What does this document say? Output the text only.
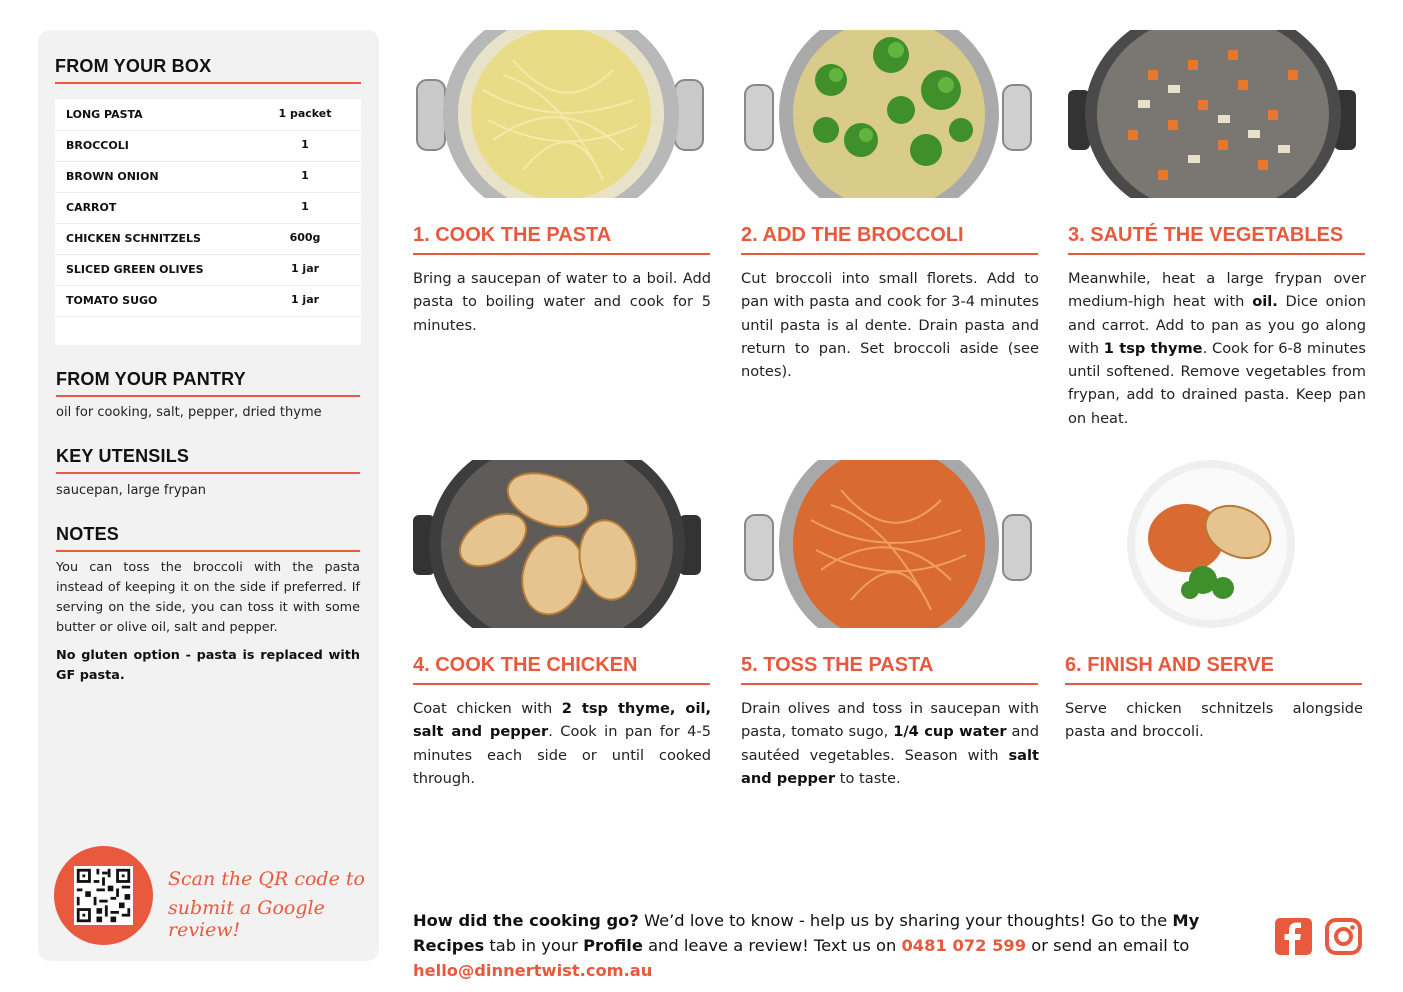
FROM YOUR BOX
LONG PASTA	1 packet
BROCCOLI	1
BROWN ONION	1
CARROT	1
CHICKEN SCHNITZELS	600g
SLICED GREEN OLIVES	1 jar
TOMATO SUGO	1 jar
FROM YOUR PANTRY
oil for cooking, salt, pepper, dried thyme
KEY UTENSILS
saucepan, large frypan
NOTES
You can toss the broccoli with the pasta instead of keeping it on the side if preferred. If serving on the side, you can toss it with some butter or olive oil, salt and pepper.
No gluten option - pasta is replaced with GF pasta.
Scan the QR code to
submit a Google review!
1. COOK THE PASTA
Bring a saucepan of water to a boil. Add pasta to boiling water and cook for 5 minutes.
2. ADD THE BROCCOLI
Cut broccoli into small florets. Add to pan with pasta and cook for 3-4 minutes until pasta is al dente. Drain pasta and return to pan. Set broccoli aside (see notes).
3. SAUTÉ THE VEGETABLES
Meanwhile, heat a large frypan over medium-high heat with oil. Dice onion and carrot. Add to pan as you go along with 1 tsp thyme. Cook for 6-8 minutes until softened. Remove vegetables from frypan, add to drained pasta. Keep pan on heat.
4. COOK THE CHICKEN
Coat chicken with 2 tsp thyme, oil, salt and pepper. Cook in pan for 4-5 minutes each side or until cooked through.
5. TOSS THE PASTA
Drain olives and toss in saucepan with pasta, tomato sugo, 1/4 cup water and sautéed vegetables. Season with salt and pepper to taste.
6. FINISH AND SERVE
Serve chicken schnitzels alongside pasta and broccoli.
How did the cooking go? We’d love to know - help us by sharing your thoughts! Go to the My Recipes tab in your Profile and leave a review! Text us on 0481 072 599 or send an email to hello@dinnertwist.com.au
